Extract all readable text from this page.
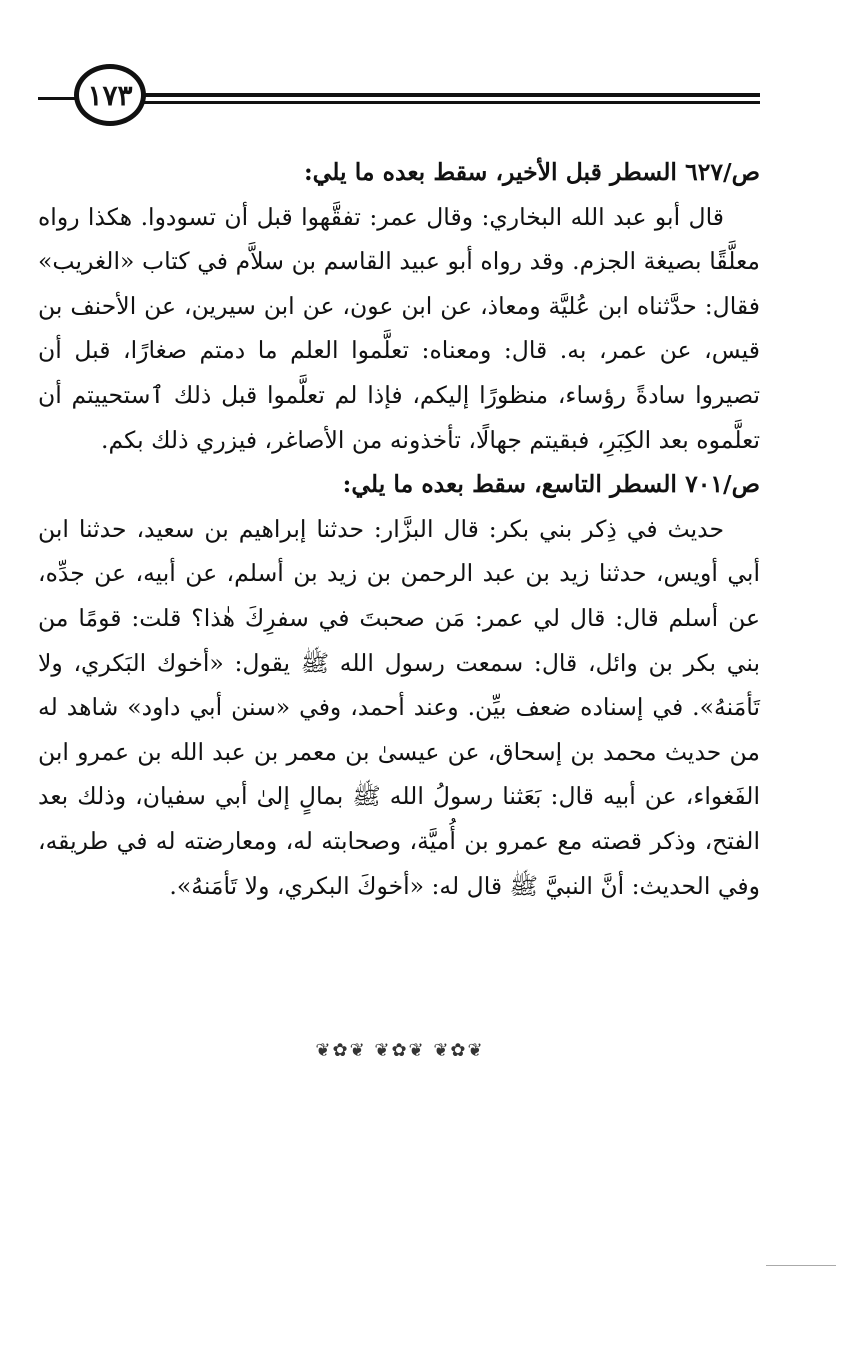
١٧٣

ص/٦٢٧ السطر قبل الأخير، سقط بعده ما يلي:

قال أبو عبد الله البخاري: وقال عمر: تفقَّهوا قبل أن تسودوا. هكذا رواه معلَّقًا بصيغة الجزم. وقد رواه أبو عبيد القاسم بن سلاَّم في كتاب «الغريب» فقال: حدَّثناه ابن عُليَّة ومعاذ، عن ابن عون، عن ابن سيرين، عن الأحنف بن قيس، عن عمر، به. قال: ومعناه: تعلَّموا العلم ما دمتم صغارًا، قبل أن تصيروا سادةً رؤساء، منظورًا إليكم، فإذا لم تعلَّموا قبل ذلك ٱستحييتم أن تعلَّموه بعد الكِبَرِ، فبقيتم جهالًا، تأخذونه من الأصاغر، فيزري ذلك بكم.

ص/٧٠١ السطر التاسع، سقط بعده ما يلي:

حديث في ذِكر بني بكر: قال البزَّار: حدثنا إبراهيم بن سعيد، حدثنا ابن أبي أويس، حدثنا زيد بن عبد الرحمن بن زيد بن أسلم، عن أبيه، عن جدِّه، عن أسلم قال: قال لي عمر: مَن صحبتَ في سفرِكَ هٰذا؟ قلت: قومًا من بني بكر بن وائل، قال: سمعت رسول الله ﷺ يقول: «أخوك البَكري، ولا تَأمَنهُ». في إسناده ضعف بيِّن. وعند أحمد، وفي «سنن أبي داود» شاهد له من حديث محمد بن إسحاق، عن عيسىٰ بن معمر بن عبد الله بن عمرو ابن الفَغواء، عن أبيه قال: بَعَثنا رسولُ الله ﷺ بمالٍ إلىٰ أبي سفيان، وذلك بعد الفتح، وذكر قصته مع عمرو بن أُميَّة، وصحابته له، ومعارضته له في طريقه، وفي الحديث: أنَّ النبيَّ ﷺ قال له: «أخوكَ البكري، ولا تَأمَنهُ».

❦✿❦ ❦✿❦ ❦✿❦
